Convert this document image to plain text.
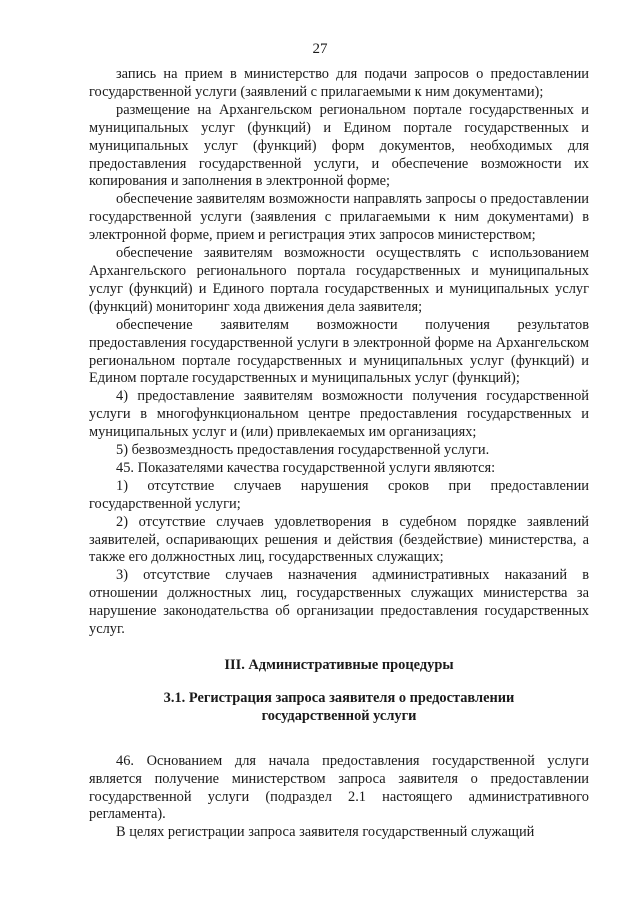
27

запись на прием в министерство для подачи запросов о предоставлении государственной услуги (заявлений с прилагаемыми к ним документами);

размещение на Архангельском региональном портале государственных и муниципальных услуг (функций) и Едином портале государственных и муниципальных услуг (функций) форм документов, необходимых для предоставления государственной услуги, и обеспечение возможности их копирования и заполнения в электронной форме;

обеспечение заявителям возможности направлять запросы о предоставлении государственной услуги (заявления с прилагаемыми к ним документами) в электронной форме, прием и регистрация этих запросов министерством;

обеспечение заявителям возможности осуществлять с использованием Архангельского регионального портала государственных и муниципальных услуг (функций) и Единого портала государственных и муниципальных услуг (функций) мониторинг хода движения дела заявителя;

обеспечение заявителям возможности получения результатов предоставления государственной услуги в электронной форме на Архангельском региональном портале государственных и муниципальных услуг (функций) и Едином портале государственных и муниципальных услуг (функций);

4) предоставление заявителям возможности получения государственной услуги в многофункциональном центре предоставления государственных и муниципальных услуг и (или) привлекаемых им организациях;

5) безвозмездность предоставления государственной услуги.

45. Показателями качества государственной услуги являются:

1) отсутствие случаев нарушения сроков при предоставлении государственной услуги;

2) отсутствие случаев удовлетворения в судебном порядке заявлений заявителей, оспаривающих решения и действия (бездействие) министерства, а также его должностных лиц, государственных служащих;

3) отсутствие случаев назначения административных наказаний в отношении должностных лиц, государственных служащих министерства за нарушение законодательства об организации предоставления государственных услуг.

III. Административные процедуры

3.1. Регистрация запроса заявителя о предоставлении
государственной услуги

46. Основанием для начала предоставления государственной услуги является получение министерством запроса заявителя о предоставлении государственной услуги (подраздел 2.1 настоящего административного регламента).

В целях регистрации запроса заявителя государственный служащий
